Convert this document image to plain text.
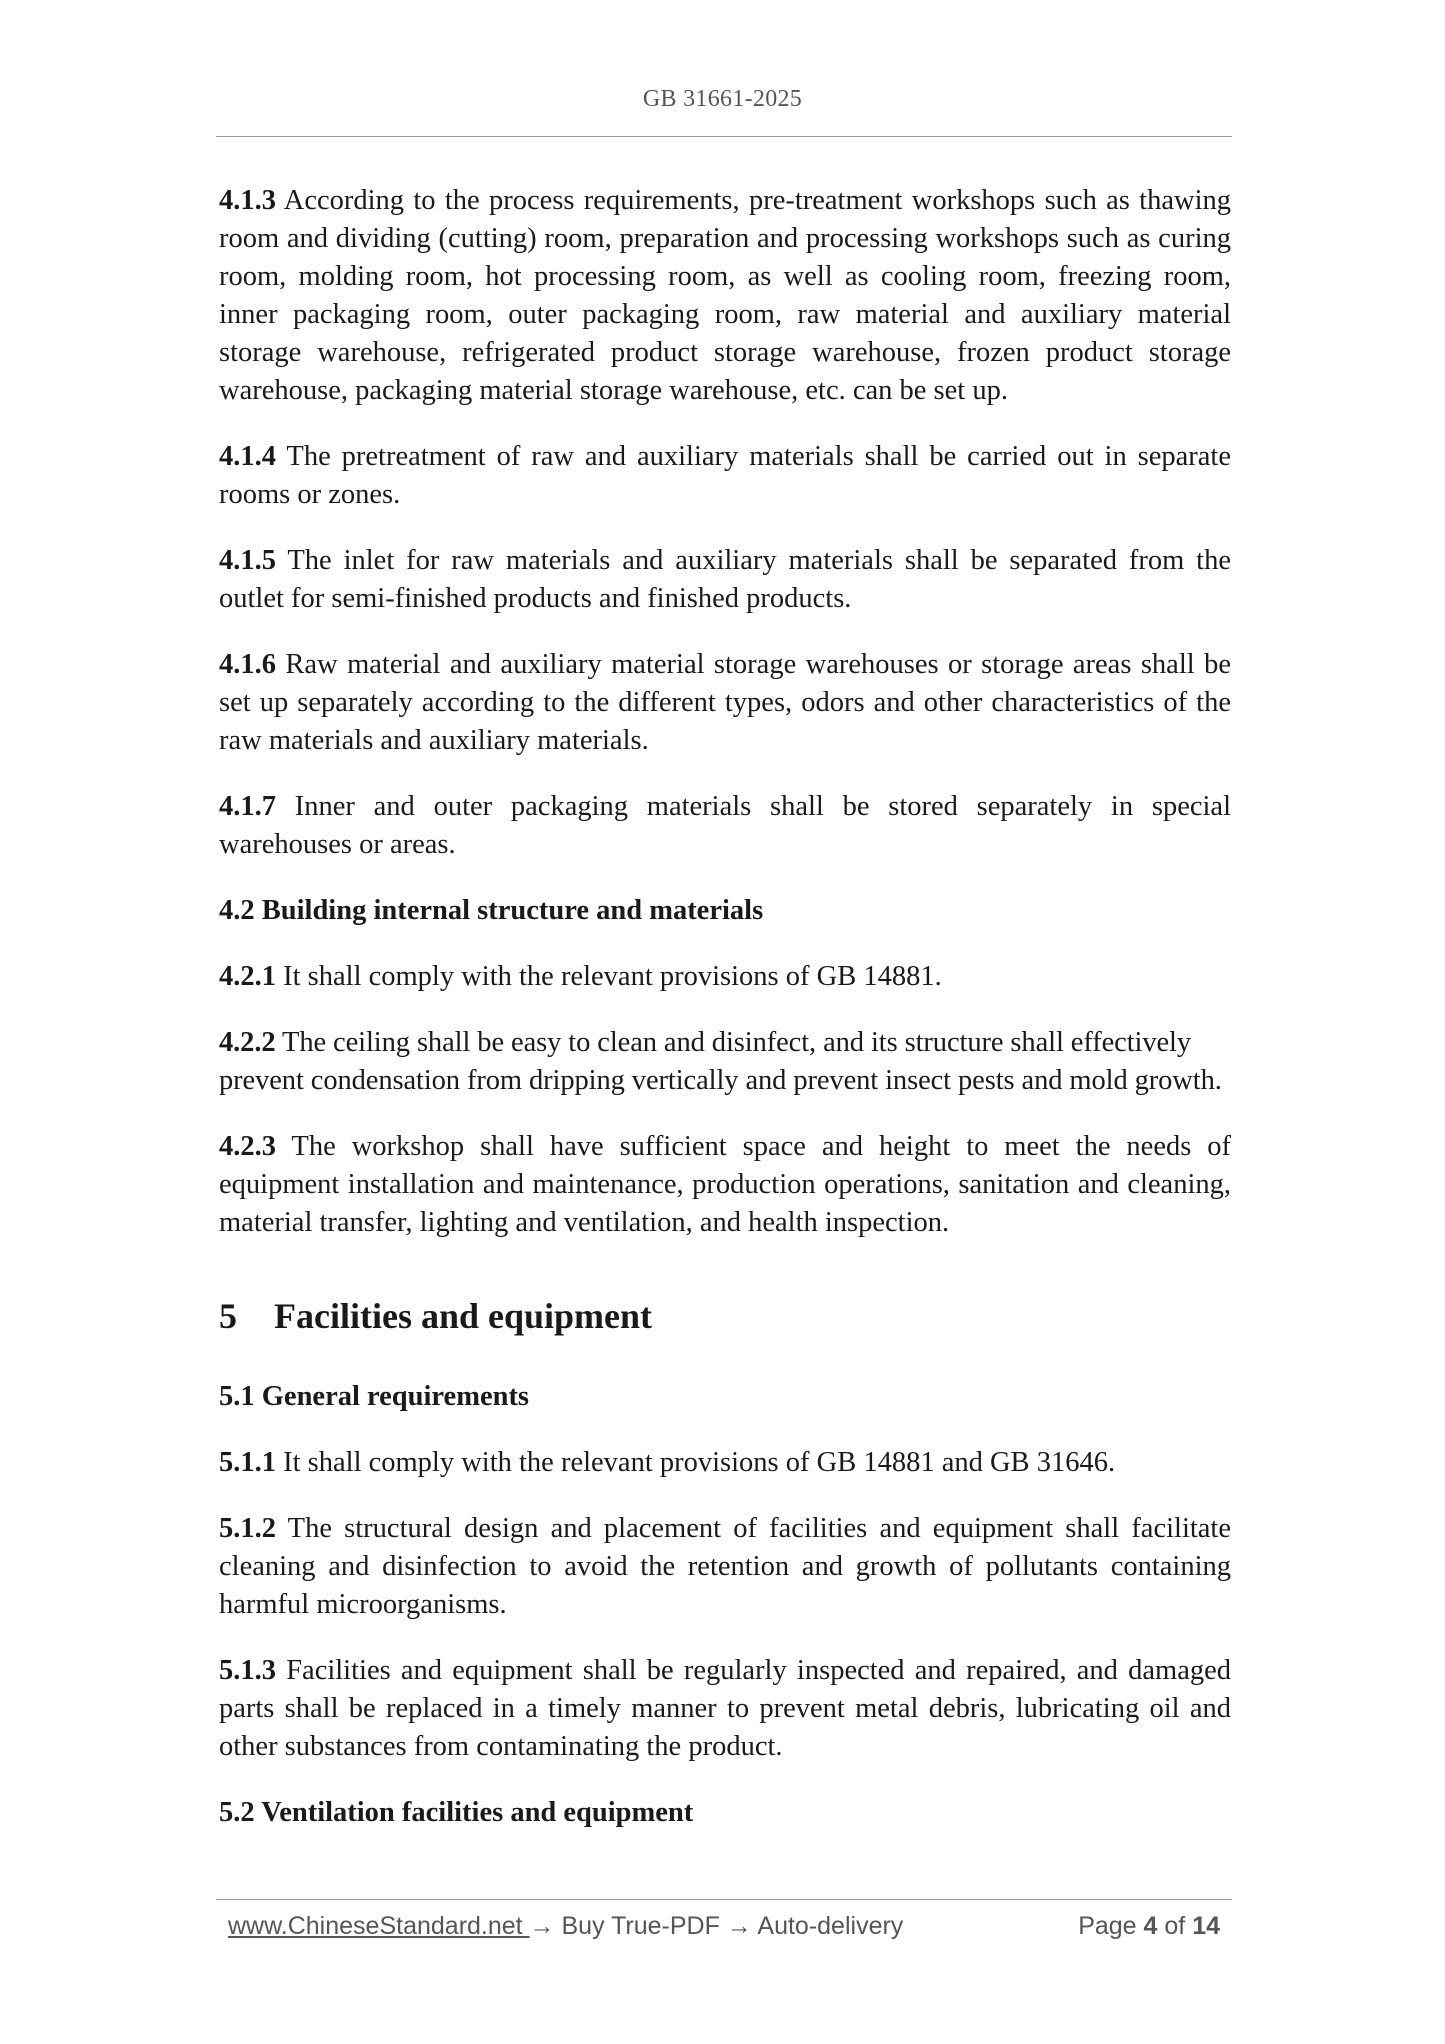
GB 31661-2025

4.1.3 According to the process requirements, pre-treatment workshops such as thawing room and dividing (cutting) room, preparation and processing workshops such as curing room, molding room, hot processing room, as well as cooling room, freezing room, inner packaging room, outer packaging room, raw material and auxiliary material storage warehouse, refrigerated product storage warehouse, frozen product storage warehouse, packaging material storage warehouse, etc. can be set up.

4.1.4 The pretreatment of raw and auxiliary materials shall be carried out in separate rooms or zones.

4.1.5 The inlet for raw materials and auxiliary materials shall be separated from the outlet for semi-finished products and finished products.

4.1.6 Raw material and auxiliary material storage warehouses or storage areas shall be set up separately according to the different types, odors and other characteristics of the raw materials and auxiliary materials.

4.1.7 Inner and outer packaging materials shall be stored separately in special warehouses or areas.

4.2 Building internal structure and materials

4.2.1 It shall comply with the relevant provisions of GB 14881.

4.2.2 The ceiling shall be easy to clean and disinfect, and its structure shall effectively prevent condensation from dripping vertically and prevent insect pests and mold growth.

4.2.3 The workshop shall have sufficient space and height to meet the needs of equipment installation and maintenance, production operations, sanitation and cleaning, material transfer, lighting and ventilation, and health inspection.

5 Facilities and equipment

5.1 General requirements

5.1.1 It shall comply with the relevant provisions of GB 14881 and GB 31646.

5.1.2 The structural design and placement of facilities and equipment shall facilitate cleaning and disinfection to avoid the retention and growth of pollutants containing harmful microorganisms.

5.1.3 Facilities and equipment shall be regularly inspected and repaired, and damaged parts shall be replaced in a timely manner to prevent metal debris, lubricating oil and other substances from contaminating the product.

5.2 Ventilation facilities and equipment

www.ChineseStandard.net → Buy True-PDF → Auto-delivery	Page 4 of 14
